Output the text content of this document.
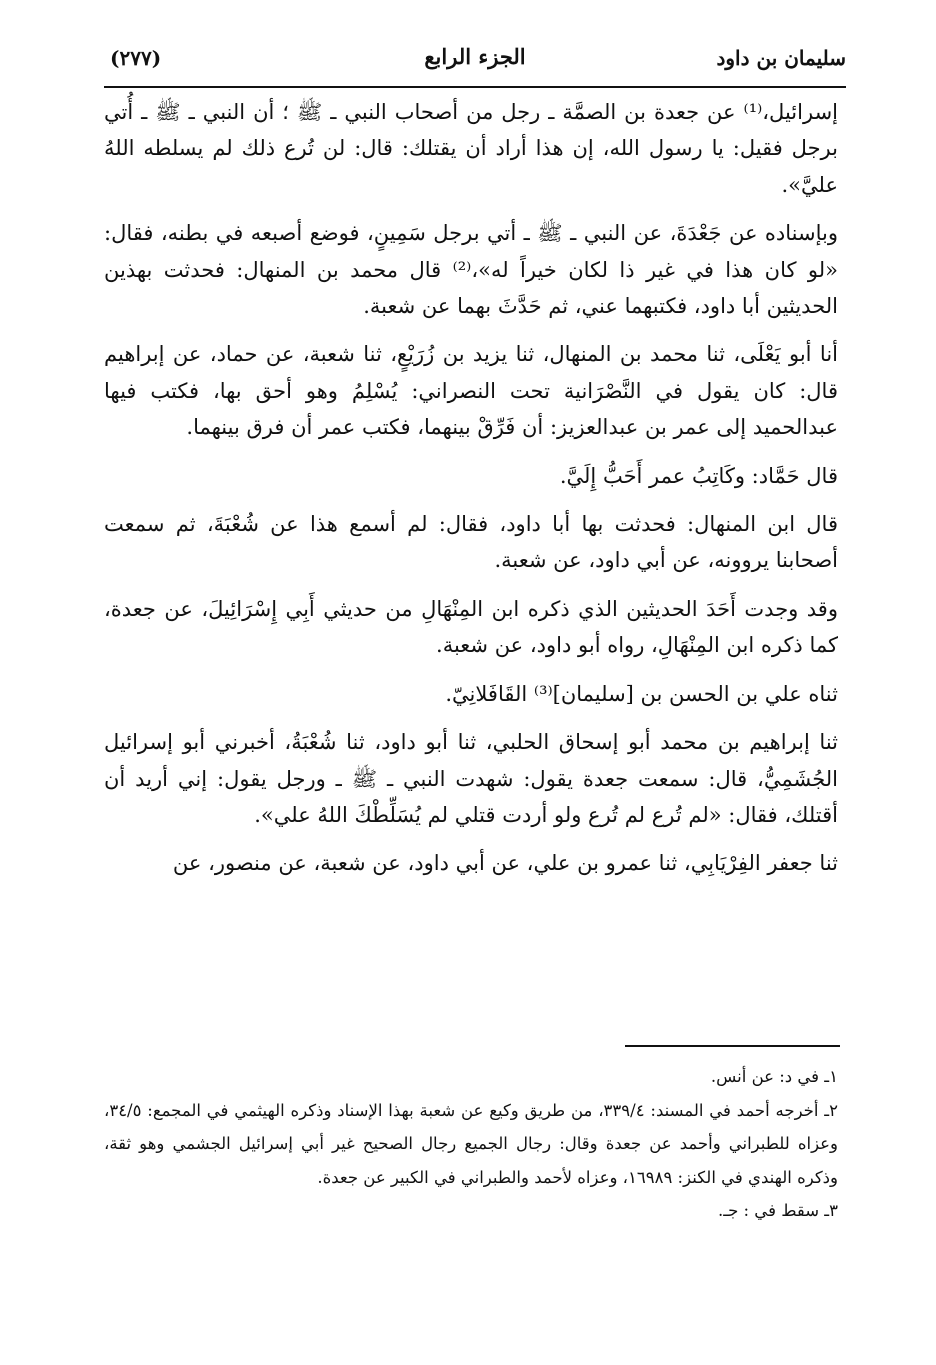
سليمان بن داود
الجزء الرابع
(٢٧٧)

إسرائيل،⁽¹⁾ عن جعدة بن الصمَّة ـ رجل من أصحاب النبي ـ ﷺ ؛ أن النبي ـ ﷺ ـ أُتي برجل فقيل: يا رسول الله، إن هذا أراد أن يقتلك: قال: لن تُرع ذلك لم يسلطه اللهُ عليَّ».

وبإسناده عن جَعْدَةَ، عن النبي ـ ﷺ ـ أتي برجل سَمِينٍ، فوضع أصبعه في بطنه، فقال: «لو كان هذا في غير ذا لكان خيراً له»،⁽²⁾ قال محمد بن المنهال: فحدثت بهذين الحديثين أبا داود، فكتبهما عني، ثم حَدَّثَ بهما عن شعبة.

أنا أبو يَعْلَى، ثنا محمد بن المنهال، ثنا يزيد بن زُرَيْعٍ، ثنا شعبة، عن حماد، عن إبراهيم قال: كان يقول في النَّصْرَانية تحت النصراني: يُسْلِمُ وهو أحق بها، فكتب فيها عبدالحميد إلى عمر بن عبدالعزيز: أن فَرِّقْ بينهما، فكتب عمر أن فرق بينهما.

قال حَمَّاد: وكَاتِبُ عمر أَحَبُّ إِلَيَّ.

قال ابن المنهال: فحدثت بها أبا داود، فقال: لم أسمع هذا عن شُعْبَةَ، ثم سمعت أصحابنا يروونه، عن أبي داود، عن شعبة.

وقد وجدت أَحَدَ الحديثين الذي ذكره ابن المِنْهَالِ من حديثي أَبِي إِسْرَائِيلَ، عن جعدة، كما ذكره ابن المِنْهَالِ، رواه أبو داود، عن شعبة.

ثناه علي بن الحسن بن [سليمان]⁽³⁾ القَافَلانِيّ.

ثنا إبراهيم بن محمد أبو إسحاق الحلبي، ثنا أبو داود، ثنا شُعْبَةُ، أخبرني أبو إسرائيل الجُشَمِيُّ، قال: سمعت جعدة يقول: شهدت النبي ـ ﷺ ـ ورجل يقول: إني أريد أن أقتلك، فقال: «لم تُرع لم تُرع ولو أردت قتلي لم يُسَلِّطْكَ اللهُ علي».

ثنا جعفر الفِرْيَابِي، ثنا عمرو بن علي، عن أبي داود، عن شعبة، عن منصور، عن

١ـ في د: عن أنس.

٢ـ أخرجه أحمد في المسند: ٣٣٩/٤، من طريق وكيع عن شعبة بهذا الإسناد وذكره الهيثمي في المجمع: ٣٤/٥، وعزاه للطبراني وأحمد عن جعدة وقال: رجال الجميع رجال الصحيح غير أبي إسرائيل الجشمي وهو ثقة، وذكره الهندي في الكنز: ١٦٩٨٩، وعزاه لأحمد والطبراني في الكبير عن جعدة.

٣ـ سقط في : جـ.
